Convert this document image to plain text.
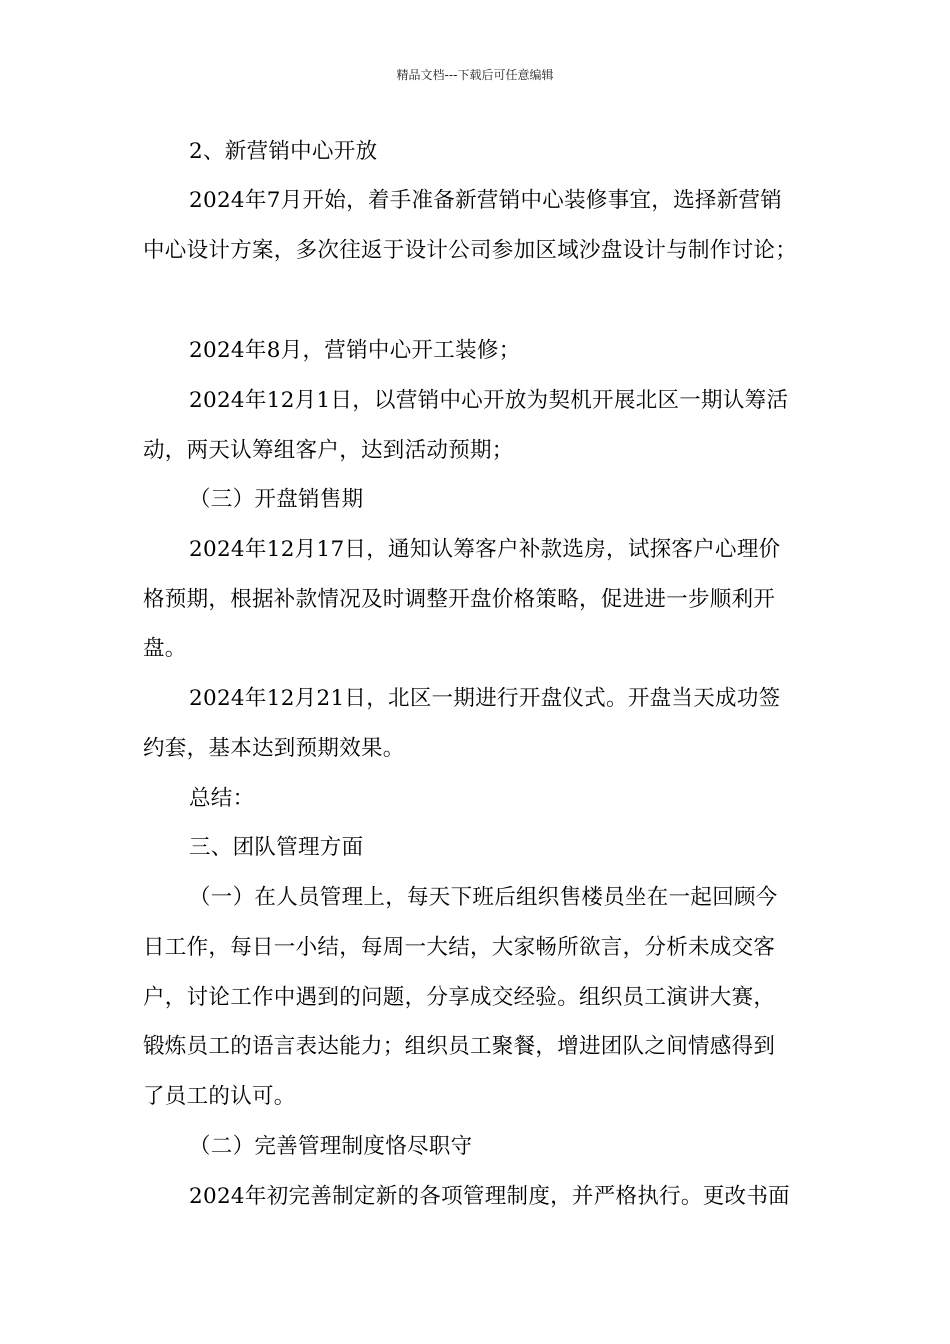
精品文档---下载后可任意编辑
2、新营销中心开放
2024年7月开始，着手准备新营销中心装修事宜，选择新营销
中心设计方案，多次往返于设计公司参加区域沙盘设计与制作讨论；
2024年8月，营销中心开工装修；
2024年12月1日，以营销中心开放为契机开展北区一期认筹活
动，两天认筹组客户，达到活动预期；
（三）开盘销售期
2024年12月17日，通知认筹客户补款选房，试探客户心理价
格预期，根据补款情况及时调整开盘价格策略，促进进一步顺利开
盘。
2024年12月21日，北区一期进行开盘仪式。开盘当天成功签
约套，基本达到预期效果。
总结：
三、团队管理方面
（一）在人员管理上，每天下班后组织售楼员坐在一起回顾今
日工作，每日一小结，每周一大结，大家畅所欲言，分析未成交客
户，讨论工作中遇到的问题，分享成交经验。组织员工演讲大赛，
锻炼员工的语言表达能力；组织员工聚餐，增进团队之间情感得到
了员工的认可。
（二）完善管理制度恪尽职守
2024年初完善制定新的各项管理制度，并严格执行。更改书面
